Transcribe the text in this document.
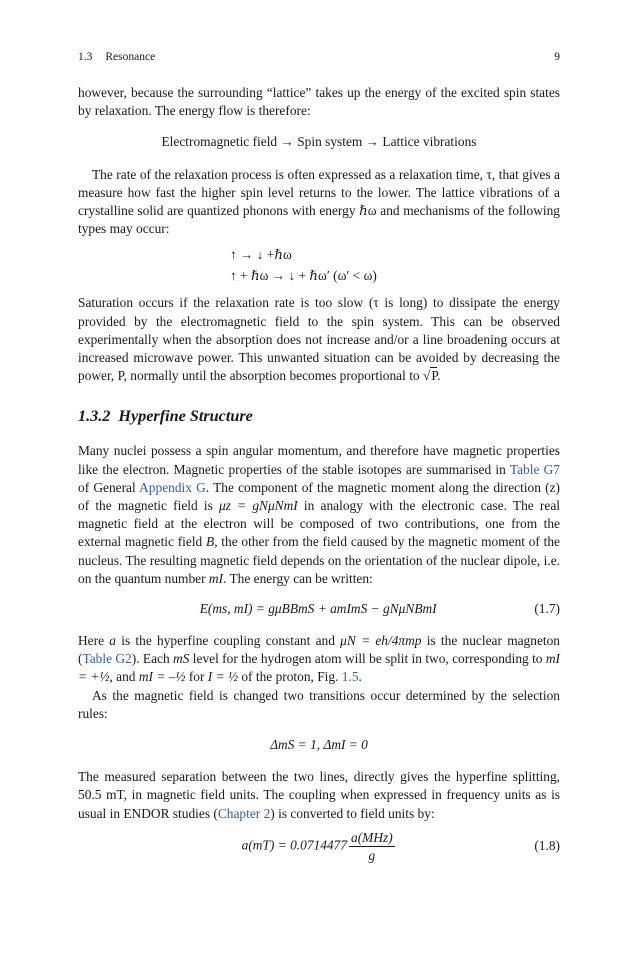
1.3 Resonance	9

however, because the surrounding “lattice” takes up the energy of the excited spin states by relaxation. The energy flow is therefore:

Electromagnetic field → Spin system → Lattice vibrations

The rate of the relaxation process is often expressed as a relaxation time, τ, that gives a measure how fast the higher spin level returns to the lower. The lattice vibrations of a crystalline solid are quantized phonons with energy ℏω and mechanisms of the following types may occur:

↑ → ↓ +ℏω
↑ + ℏω → ↓ + ℏω′ (ω′ < ω)

Saturation occurs if the relaxation rate is too slow (τ is long) to dissipate the energy provided by the electromagnetic field to the spin system. This can be observed experimentally when the absorption does not increase and/or a line broadening occurs at increased microwave power. This unwanted situation can be avoided by decreasing the power, P, normally until the absorption becomes proportional to √P.

1.3.2 Hyperfine Structure

Many nuclei possess a spin angular momentum, and therefore have magnetic properties like the electron. Magnetic properties of the stable isotopes are summarised in Table G7 of General Appendix G. The component of the magnetic moment along the direction (z) of the magnetic field is μz = gNμNmI in analogy with the electronic case. The real magnetic field at the electron will be composed of two contributions, one from the external magnetic field B, the other from the field caused by the magnetic moment of the nucleus. The resulting magnetic field depends on the orientation of the nuclear dipole, i.e. on the quantum number mI. The energy can be written:

E(ms, mI) = gμBBmS + amImS − gNμNBmI	(1.7)

Here a is the hyperfine coupling constant and μN = eh/4πmp is the nuclear magneton (Table G2). Each mS level for the hydrogen atom will be split in two, corresponding to mI = +½, and mI = –½ for I = ½ of the proton, Fig. 1.5.

As the magnetic field is changed two transitions occur determined by the selection rules:

ΔmS = 1, ΔmI = 0

The measured separation between the two lines, directly gives the hyperfine splitting, 50.5 mT, in magnetic field units. The coupling when expressed in frequency units as is usual in ENDOR studies (Chapter 2) is converted to field units by:

$a(mT) = 0.0714477 \frac{\text{a(MHz)}}{g}$	(1.8)
